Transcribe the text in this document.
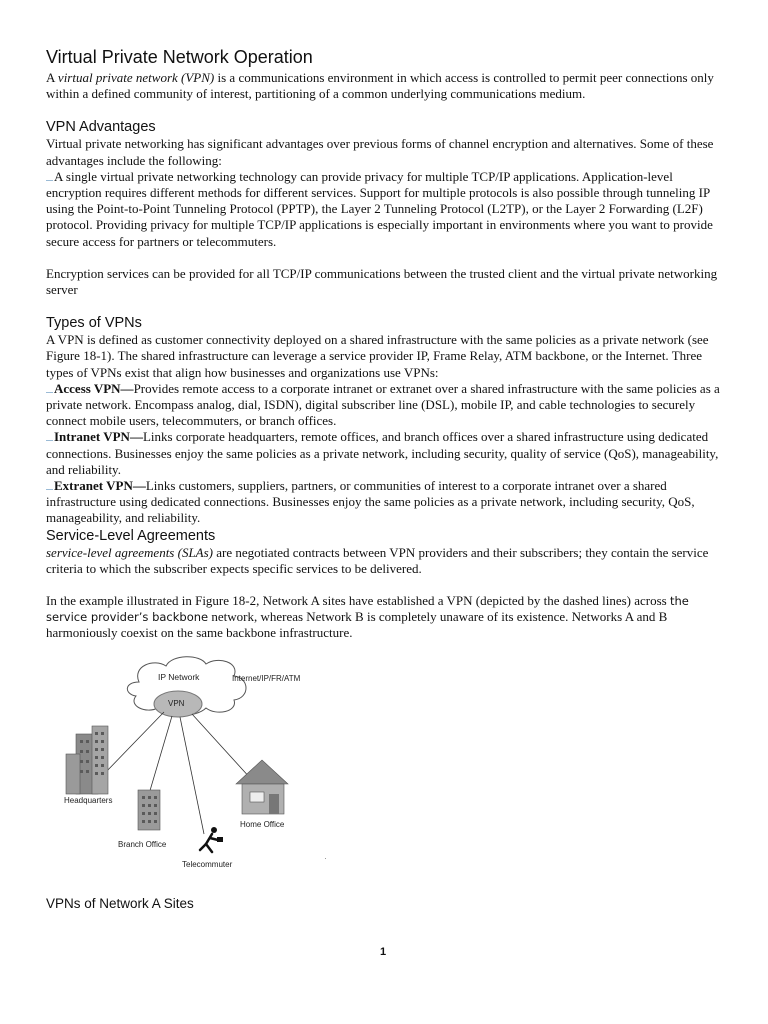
Virtual Private Network Operation

A virtual private network (VPN) is a communications environment in which access is controlled to permit peer connections only within a defined community of interest, partitioning of a common underlying communications medium.

VPN Advantages

Virtual private networking has significant advantages over previous forms of channel encryption and alternatives. Some of these advantages include the following:

A single virtual private networking technology can provide privacy for multiple TCP/IP applications. Application-level encryption requires different methods for different services. Support for multiple protocols is also possible through tunneling IP using the Point-to-Point Tunneling Protocol (PPTP), the Layer 2 Tunneling Protocol (L2TP), or the Layer 2 Forwarding (L2F) protocol. Providing privacy for multiple TCP/IP applications is especially important in environments where you want to provide secure access for partners or telecommuters.

Encryption services can be provided for all TCP/IP communications between the trusted client and the virtual private networking server

Types of VPNs

A VPN is defined as customer connectivity deployed on a shared infrastructure with the same policies as a private network (see Figure 18-1). The shared infrastructure can leverage a service provider IP, Frame Relay, ATM backbone, or the Internet. Three types of VPNs exist that align how businesses and organizations use VPNs:

Access VPN—Provides remote access to a corporate intranet or extranet over a shared infrastructure with the same policies as a private network. Encompass analog, dial, ISDN), digital subscriber line (DSL), mobile IP, and cable technologies to securely connect mobile users, telecommuters, or branch offices.

Intranet VPN—Links corporate headquarters, remote offices, and branch offices over a shared infrastructure using dedicated connections. Businesses enjoy the same policies as a private network, including security, quality of service (QoS), manageability, and reliability.

Extranet VPN—Links customers, suppliers, partners, or communities of interest to a corporate intranet over a shared infrastructure using dedicated connections. Businesses enjoy the same policies as a private network, including security, QoS, manageability, and reliability.

Service-Level Agreements

service-level agreements (SLAs) are negotiated contracts between VPN providers and their subscribers; they contain the service criteria to which the subscriber expects specific services to be delivered.

In the example illustrated in Figure 18-2, Network A sites have established a VPN (depicted by the dashed lines) across the service provider’s backbone network, whereas Network B is completely unaware of its existence. Networks A and B harmoniously coexist on the same backbone infrastructure.

IP Network
VPN
Internet/IP/FR/ATM
Headquarters
Branch Office
Home Office
Telecommuter
VPNs of Network A Sites
1
